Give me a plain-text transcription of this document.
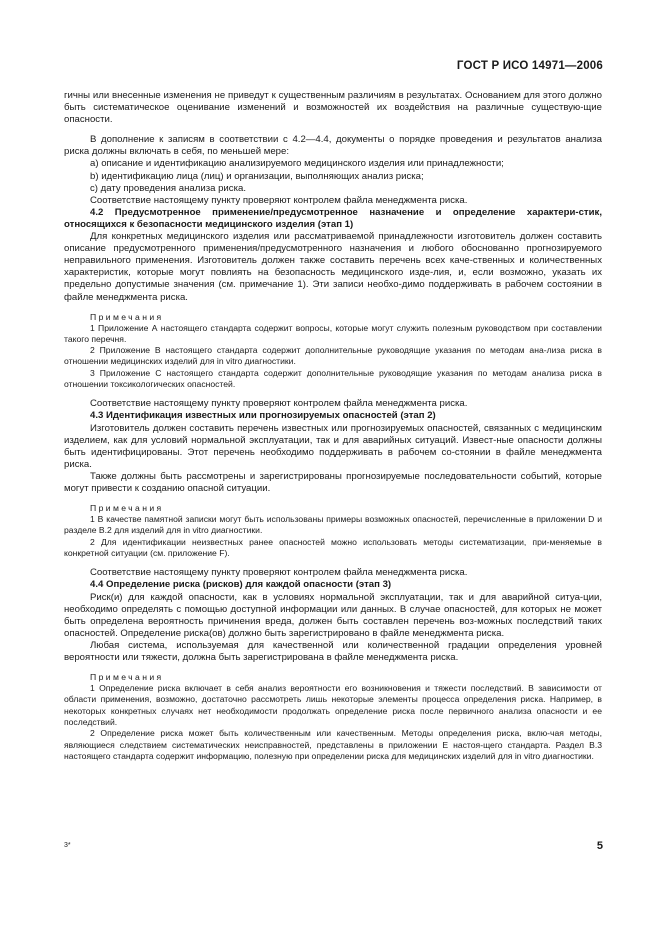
ГОСТ Р ИСО 14971—2006

гичны или внесенные изменения не приведут к существенным различиям в результатах. Основанием для этого должно быть систематическое оценивание изменений и возможностей их воздействия на различные существую-щие опасности.

В дополнение к записям в соответствии с 4.2—4.4, документы о порядке проведения и результатов анализа риска должны включать в себя, по меньшей мере:

а) описание и идентификацию анализируемого медицинского изделия или принадлежности;

b) идентификацию лица (лиц) и организации, выполняющих анализ риска;

с) дату проведения анализа риска.

Соответствие настоящему пункту проверяют контролем файла менеджмента риска.

4.2 Предусмотренное применение/предусмотренное назначение и определение характери-стик, относящихся к безопасности медицинского изделия (этап 1)

Для конкретных медицинского изделия или рассматриваемой принадлежности изготовитель должен составить описание предусмотренного применения/предусмотренного назначения и любого обоснованно прогнозируемого неправильного применения. Изготовитель должен также составить перечень всех каче-ственных и количественных характеристик, которые могут повлиять на безопасность медицинского изде-лия, и, если возможно, указать их предельно допустимые значения (см. примечание 1). Эти записи необхо-димо поддерживать в рабочем состоянии в файле менеджмента риска.

Примечания

1 Приложение А настоящего стандарта содержит вопросы, которые могут служить полезным руководством при составлении такого перечня.

2 Приложение В настоящего стандарта содержит дополнительные руководящие указания по методам ана-лиза риска в отношении медицинских изделий для in vitro диагностики.

3 Приложение С настоящего стандарта содержит дополнительные руководящие указания по методам анализа риска в отношении токсикологических опасностей.

Соответствие настоящему пункту проверяют контролем файла менеджмента риска.

4.3 Идентификация известных или прогнозируемых опасностей (этап 2)

Изготовитель должен составить перечень известных или прогнозируемых опасностей, связанных с медицинским изделием, как для условий нормальной эксплуатации, так и для аварийных ситуаций. Извест-ные опасности должны быть идентифицированы. Этот перечень необходимо поддерживать в рабочем со-стоянии в файле менеджмента риска.

Также должны быть рассмотрены и зарегистрированы прогнозируемые последовательности событий, которые могут привести к созданию опасной ситуации.

Примечания

1 В качестве памятной записки могут быть использованы примеры возможных опасностей, перечисленные в приложении D и разделе В.2 для изделий для in vitro диагностики.

2 Для идентификации неизвестных ранее опасностей можно использовать методы систематизации, при-меняемые в конкретной ситуации (см. приложение F).

Соответствие настоящему пункту проверяют контролем файла менеджмента риска.

4.4 Определение риска (рисков) для каждой опасности (этап 3)

Риск(и) для каждой опасности, как в условиях нормальной эксплуатации, так и для аварийной ситуа-ции, необходимо определять с помощью доступной информации или данных. В случае опасностей, для которых не может быть определена вероятность причинения вреда, должен быть составлен перечень воз-можных последствий таких опасностей. Определение риска(ов) должно быть зарегистрировано в файле менеджмента риска.

Любая система, используемая для качественной или количественной градации определения уровней вероятности или тяжести, должна быть зарегистрирована в файле менеджмента риска.

Примечания

1 Определение риска включает в себя анализ вероятности его возникновения и тяжести последствий. В зависимости от области применения, возможно, достаточно рассмотреть лишь некоторые элементы процесса определения риска. Например, в некоторых конкретных случаях нет необходимости продолжать определение риска после первичного анализа опасности и ее последствий.

2 Определение риска может быть количественным или качественным. Методы определения риска, вклю-чая методы, являющиеся следствием систематических неисправностей, представлены в приложении Е настоя-щего стандарта. Раздел В.3 настоящего стандарта содержит информацию, полезную при определении риска для медицинских изделий для in vitro диагностики.

3*	5
